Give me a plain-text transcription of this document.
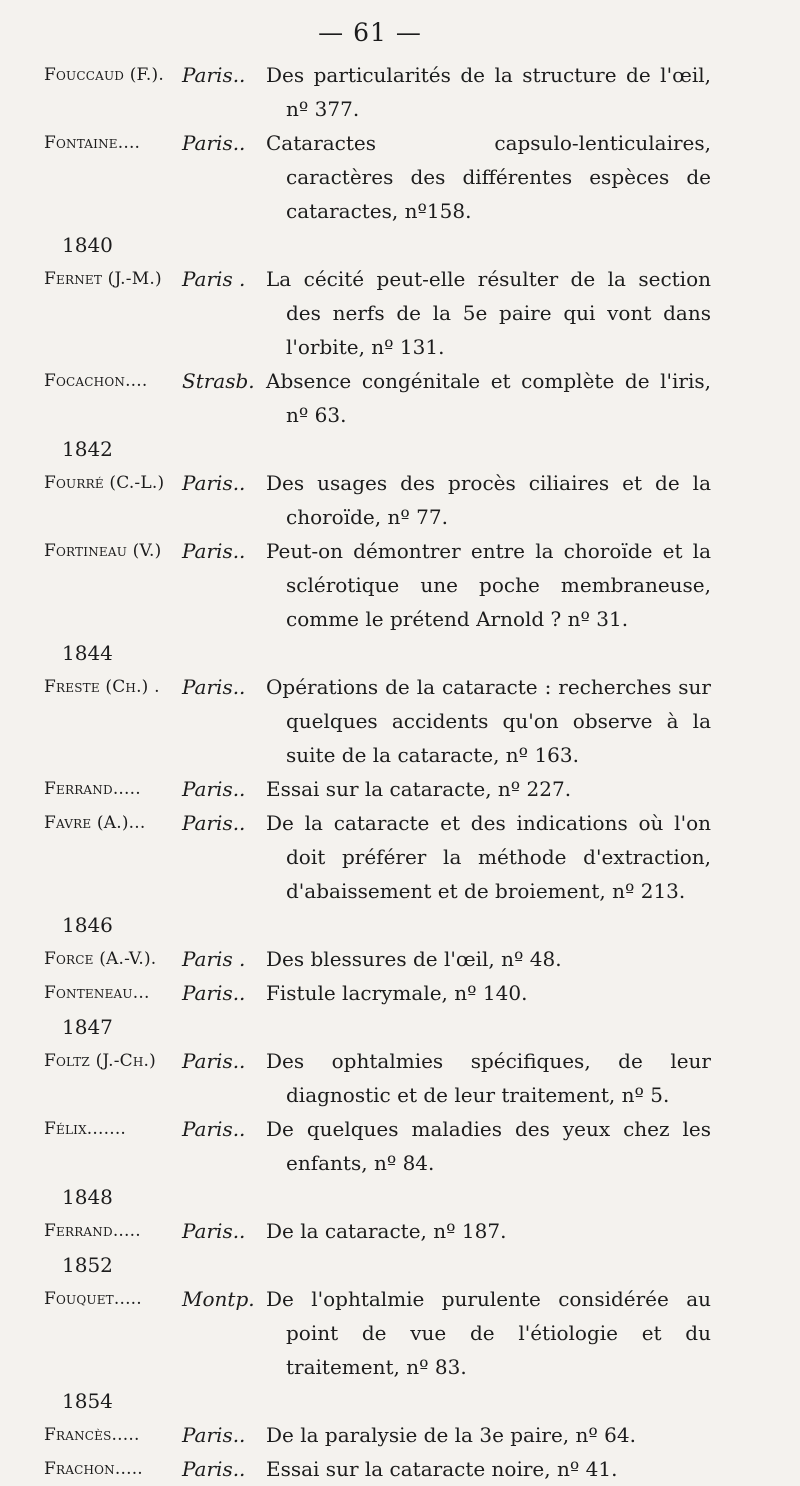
— 61 —
Fouccaud (F.). Paris..	Des particularités de la structure de l'œil, nº 377.
Fontaine....	Paris..	Cataractes capsulo-lenticulaires, caractères des différentes espèces de cataractes, nº158.
1840
Fernet (J.-M.)	Paris .	La cécité peut-elle résulter de la section des nerfs de la 5e paire qui vont dans l'orbite, nº 131.
Focachon....	Strasb. Absence congénitale et complète de l'iris, nº 63.
1842
Fourré (C.-L.) Paris..	Des usages des procès ciliaires et de la choroïde, nº 77.
Fortineau (V.)	Paris..	Peut-on démontrer entre la choroïde et la sclérotique une poche membraneuse, comme le prétend Arnold ? nº 31.
1844
Freste (Ch.) .	Paris..	Opérations de la cataracte : recherches sur quelques accidents qu'on observe à la suite de la cataracte, nº 163.
Ferrand.....	Paris..	Essai sur la cataracte, nº 227.
Favre (A.)...	Paris..	De la cataracte et des indications où l'on doit préférer la méthode d'extraction, d'abaissement et de broiement, nº 213.
1846
Force (A.-V.).	Paris .	Des blessures de l'œil, nº 48.
Fonteneau...	Paris..	Fistule lacrymale, nº 140.
1847
Foltz (J.-Ch.)	Paris..	Des ophtalmies spécifiques, de leur diagnostic et de leur traitement, nº 5.
Félix.......	Paris..	De quelques maladies des yeux chez les enfants, nº 84.
1848
Ferrand.....	Paris..	De la cataracte, nº 187.
1852
Fouquet.....	Montp. De l'ophtalmie purulente considérée au point de vue de l'étiologie et du traitement, nº 83.
1854
Francès.....	Paris..	De la paralysie de la 3e paire, nº 64.
Frachon.....	Paris..	Essai sur la cataracte noire, nº 41.
